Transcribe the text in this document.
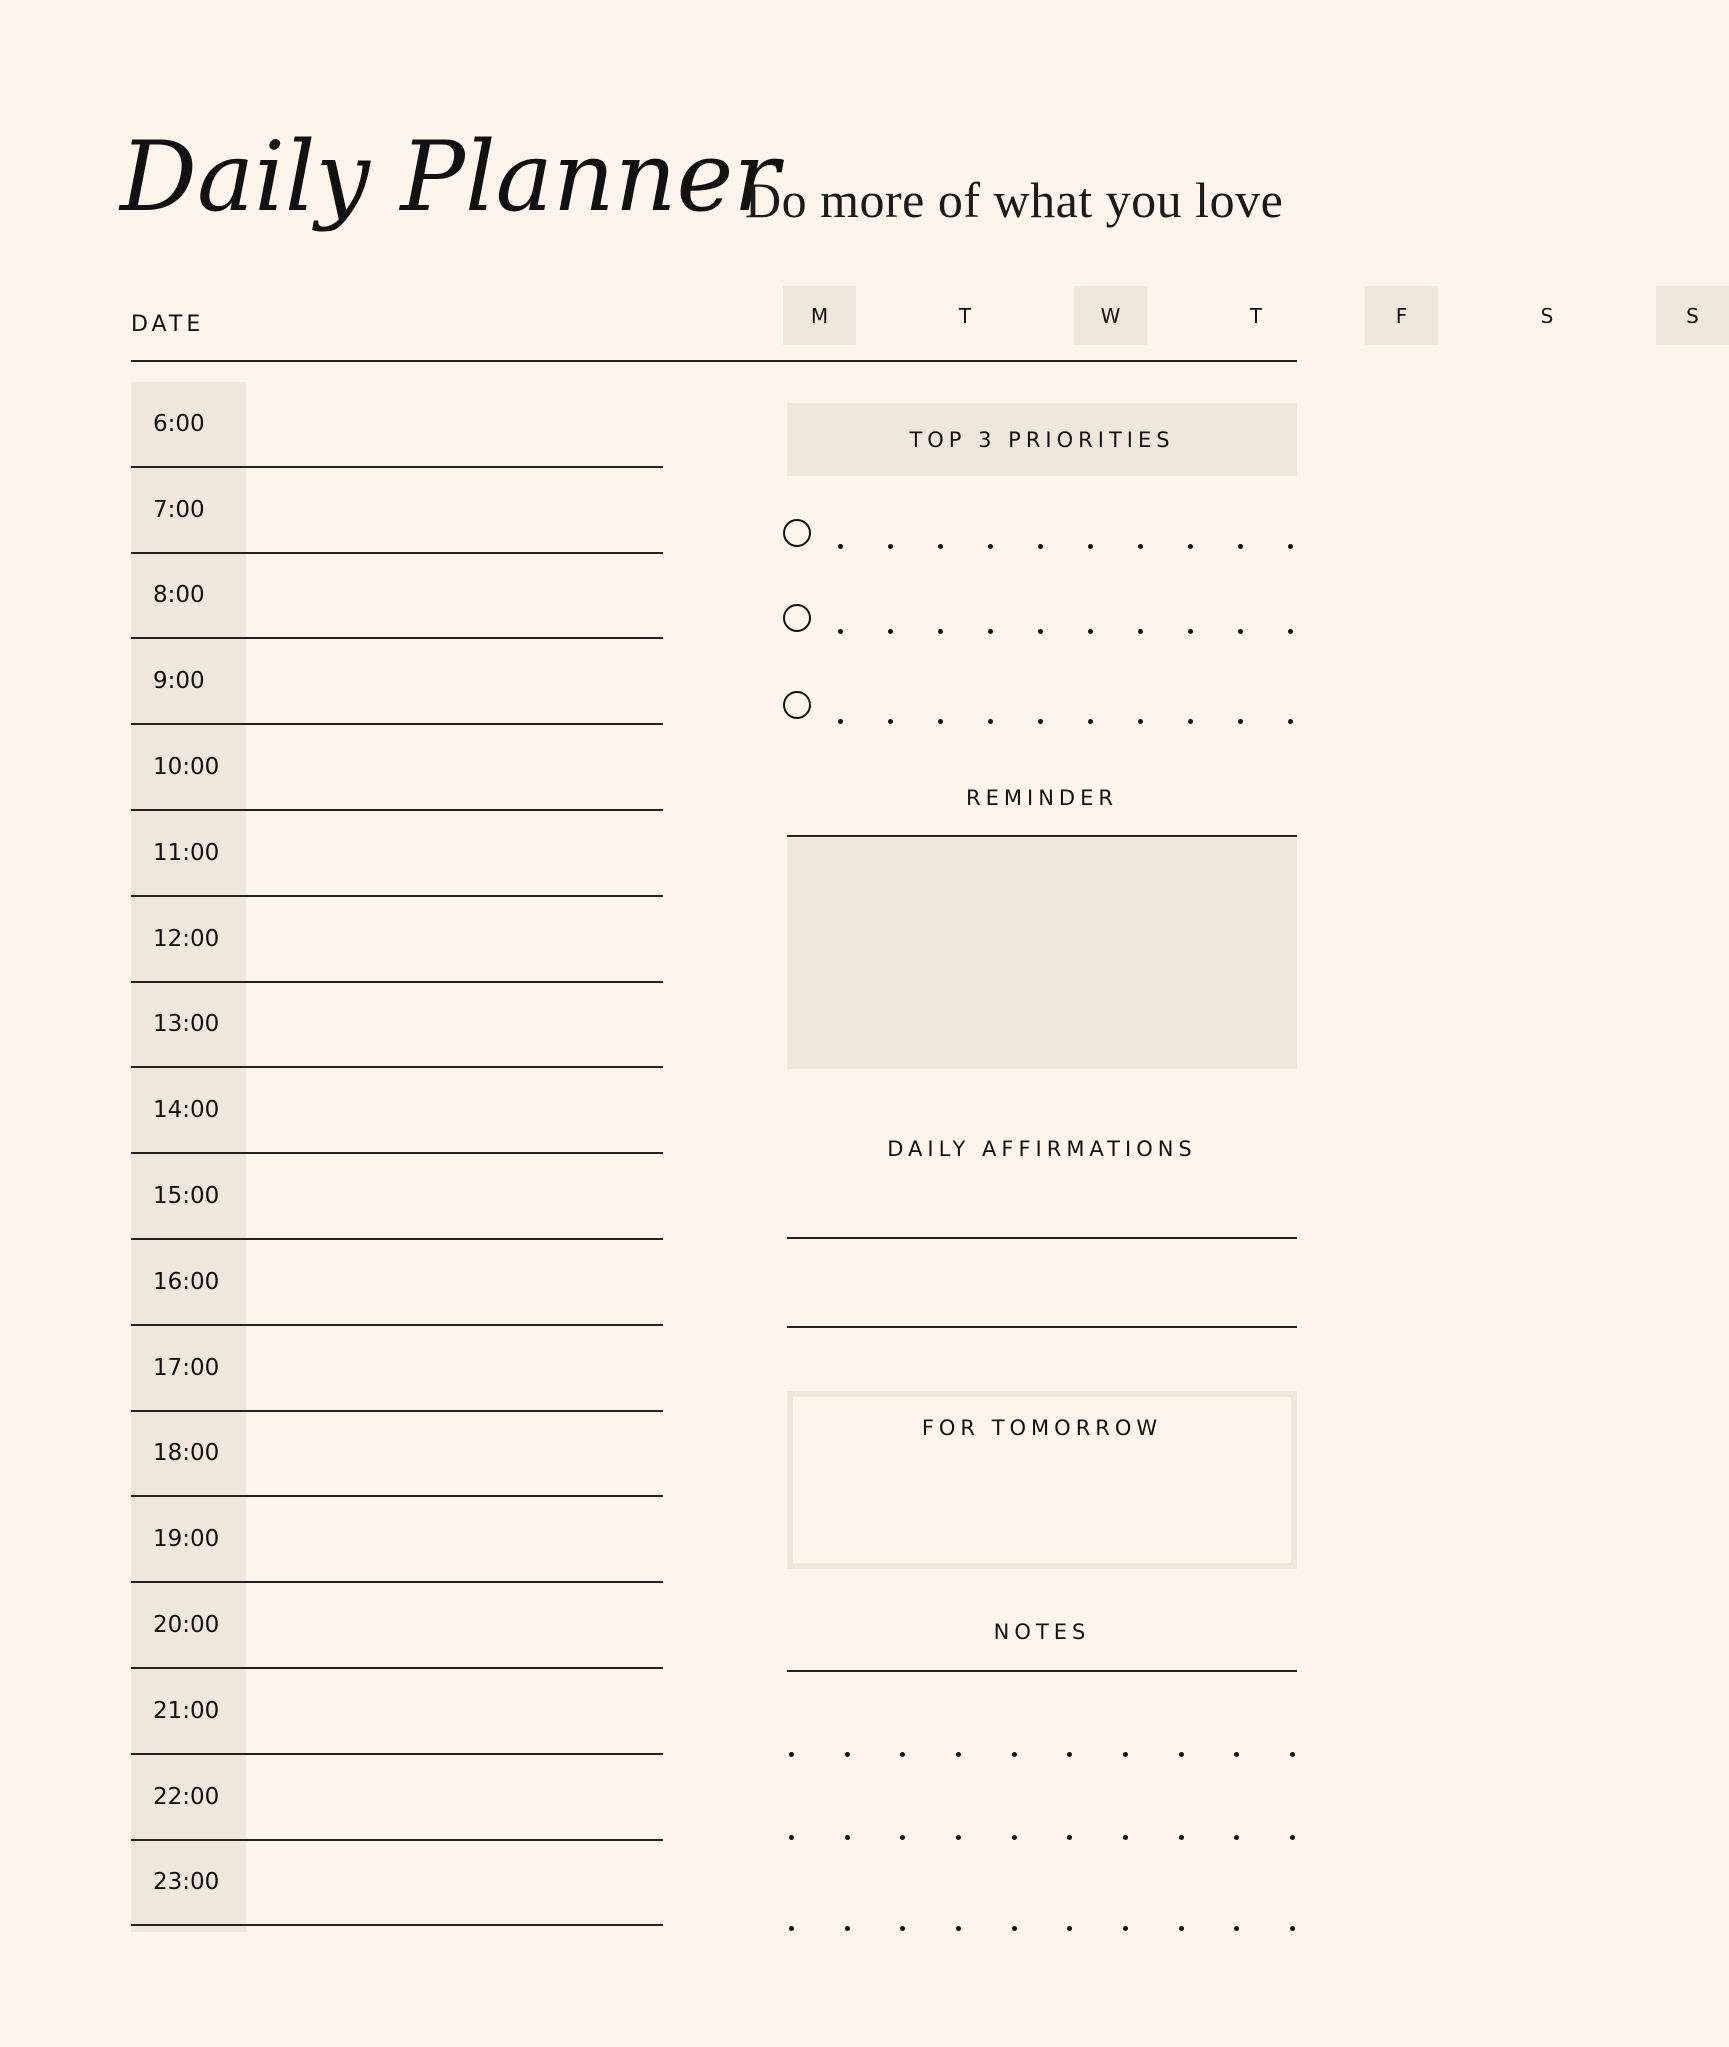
Daily Planner
Do more of what you love
DATE	M	T	W	T	F	S	S
6:00
7:00
8:00
9:00
10:00
11:00
12:00
13:00
14:00
15:00
16:00
17:00
18:00
19:00
20:00
21:00
22:00
23:00
TOP 3 PRIORITIES
REMINDER
DAILY AFFIRMATIONS
FOR TOMORROW
NOTES
